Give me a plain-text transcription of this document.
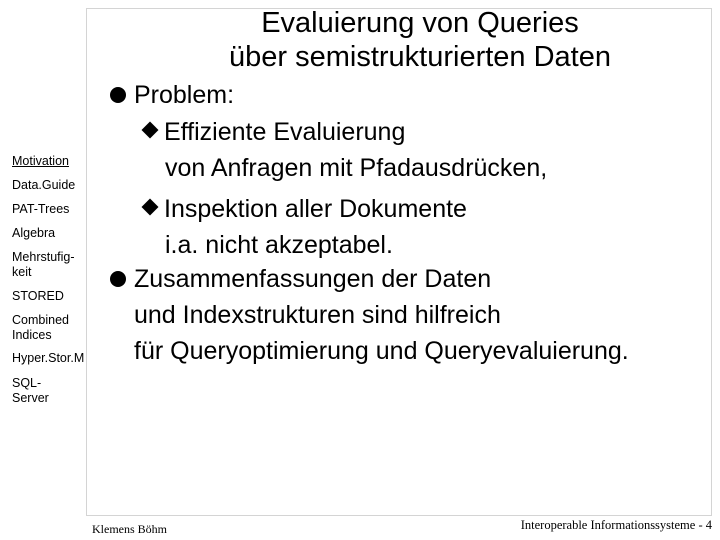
Evaluierung von Queries
über semistrukturierten Daten
Motivation
Data.Guide
PAT-Trees
Algebra
Mehrstufig-keit
STORED
Combined Indices
Hyper.Stor.M
SQL-Server
Problem:
Effiziente Evaluierung
von Anfragen mit Pfadausdrücken,
Inspektion aller Dokumente
i.a. nicht akzeptabel.
Zusammenfassungen der Daten
und Indexstrukturen sind hilfreich
für Queryoptimierung und Queryevaluierung.
Klemens Böhm	Interoperable Informationssysteme - 4
